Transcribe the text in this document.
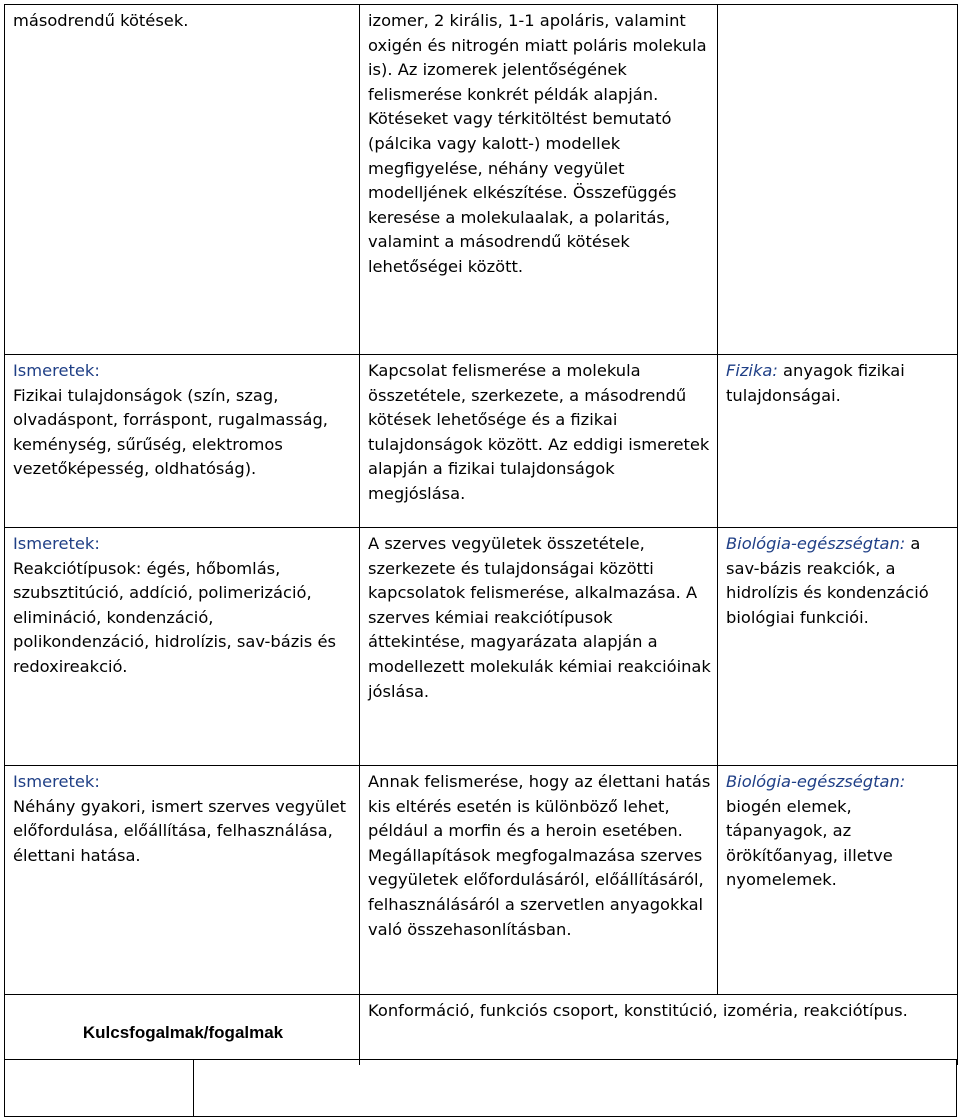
másodrendű kötések.	izomer, 2 királis, 1-1 apoláris, valamint oxigén és nitrogén miatt poláris molekula is). Az izomerek jelentőségének felismerése konkrét példák alapján. Kötéseket vagy térkitöltést bemutató (pálcika vagy kalott-) modellek megfigyelése, néhány vegyület modelljének elkészítése. Összefüggés keresése a molekulaalak, a polaritás, valamint a másodrendű kötések lehetőségei között.	

Ismeretek:
Fizikai tulajdonságok (szín, szag, olvadáspont, forráspont, rugalmasság, keménység, sűrűség, elektromos vezetőképesség, oldhatóság).	Kapcsolat felismerése a molekula összetétele, szerkezete, a másodrendű kötések lehetősége és a fizikai tulajdonságok között. Az eddigi ismeretek alapján a fizikai tulajdonságok megjóslása.	Fizika: anyagok fizikai tulajdonságai.

Ismeretek:
Reakciótípusok: égés, hőbomlás, szubsztitúció, addíció, polimerizáció, elimináció, kondenzáció, polikondenzáció, hidrolízis, sav-bázis és redoxireakció.	A szerves vegyületek összetétele, szerkezete és tulajdonságai közötti kapcsolatok felismerése, alkalmazása. A szerves kémiai reakciótípusok áttekintése, magyarázata alapján a modellezett molekulák kémiai reakcióinak jóslása.	Biológia-egészségtan: a sav-bázis reakciók, a hidrolízis és kondenzáció biológiai funkciói.

Ismeretek:
Néhány gyakori, ismert szerves vegyület előfordulása, előállítása, felhasználása, élettani hatása.	Annak felismerése, hogy az élettani hatás kis eltérés esetén is különböző lehet, például a morfin és a heroin esetében. Megállapítások megfogalmazása szerves vegyületek előfordulásáról, előállításáról, felhasználásáról a szervetlen anyagokkal való összehasonlításban.	Biológia-egészségtan:
biogén elemek, tápanyagok, az örökítőanyag, illetve nyomelemek.
Kulcsfogalmak/fogalmak	Konformáció, funkciós csoport, konstitúció, izoméria, reakciótípus.	
